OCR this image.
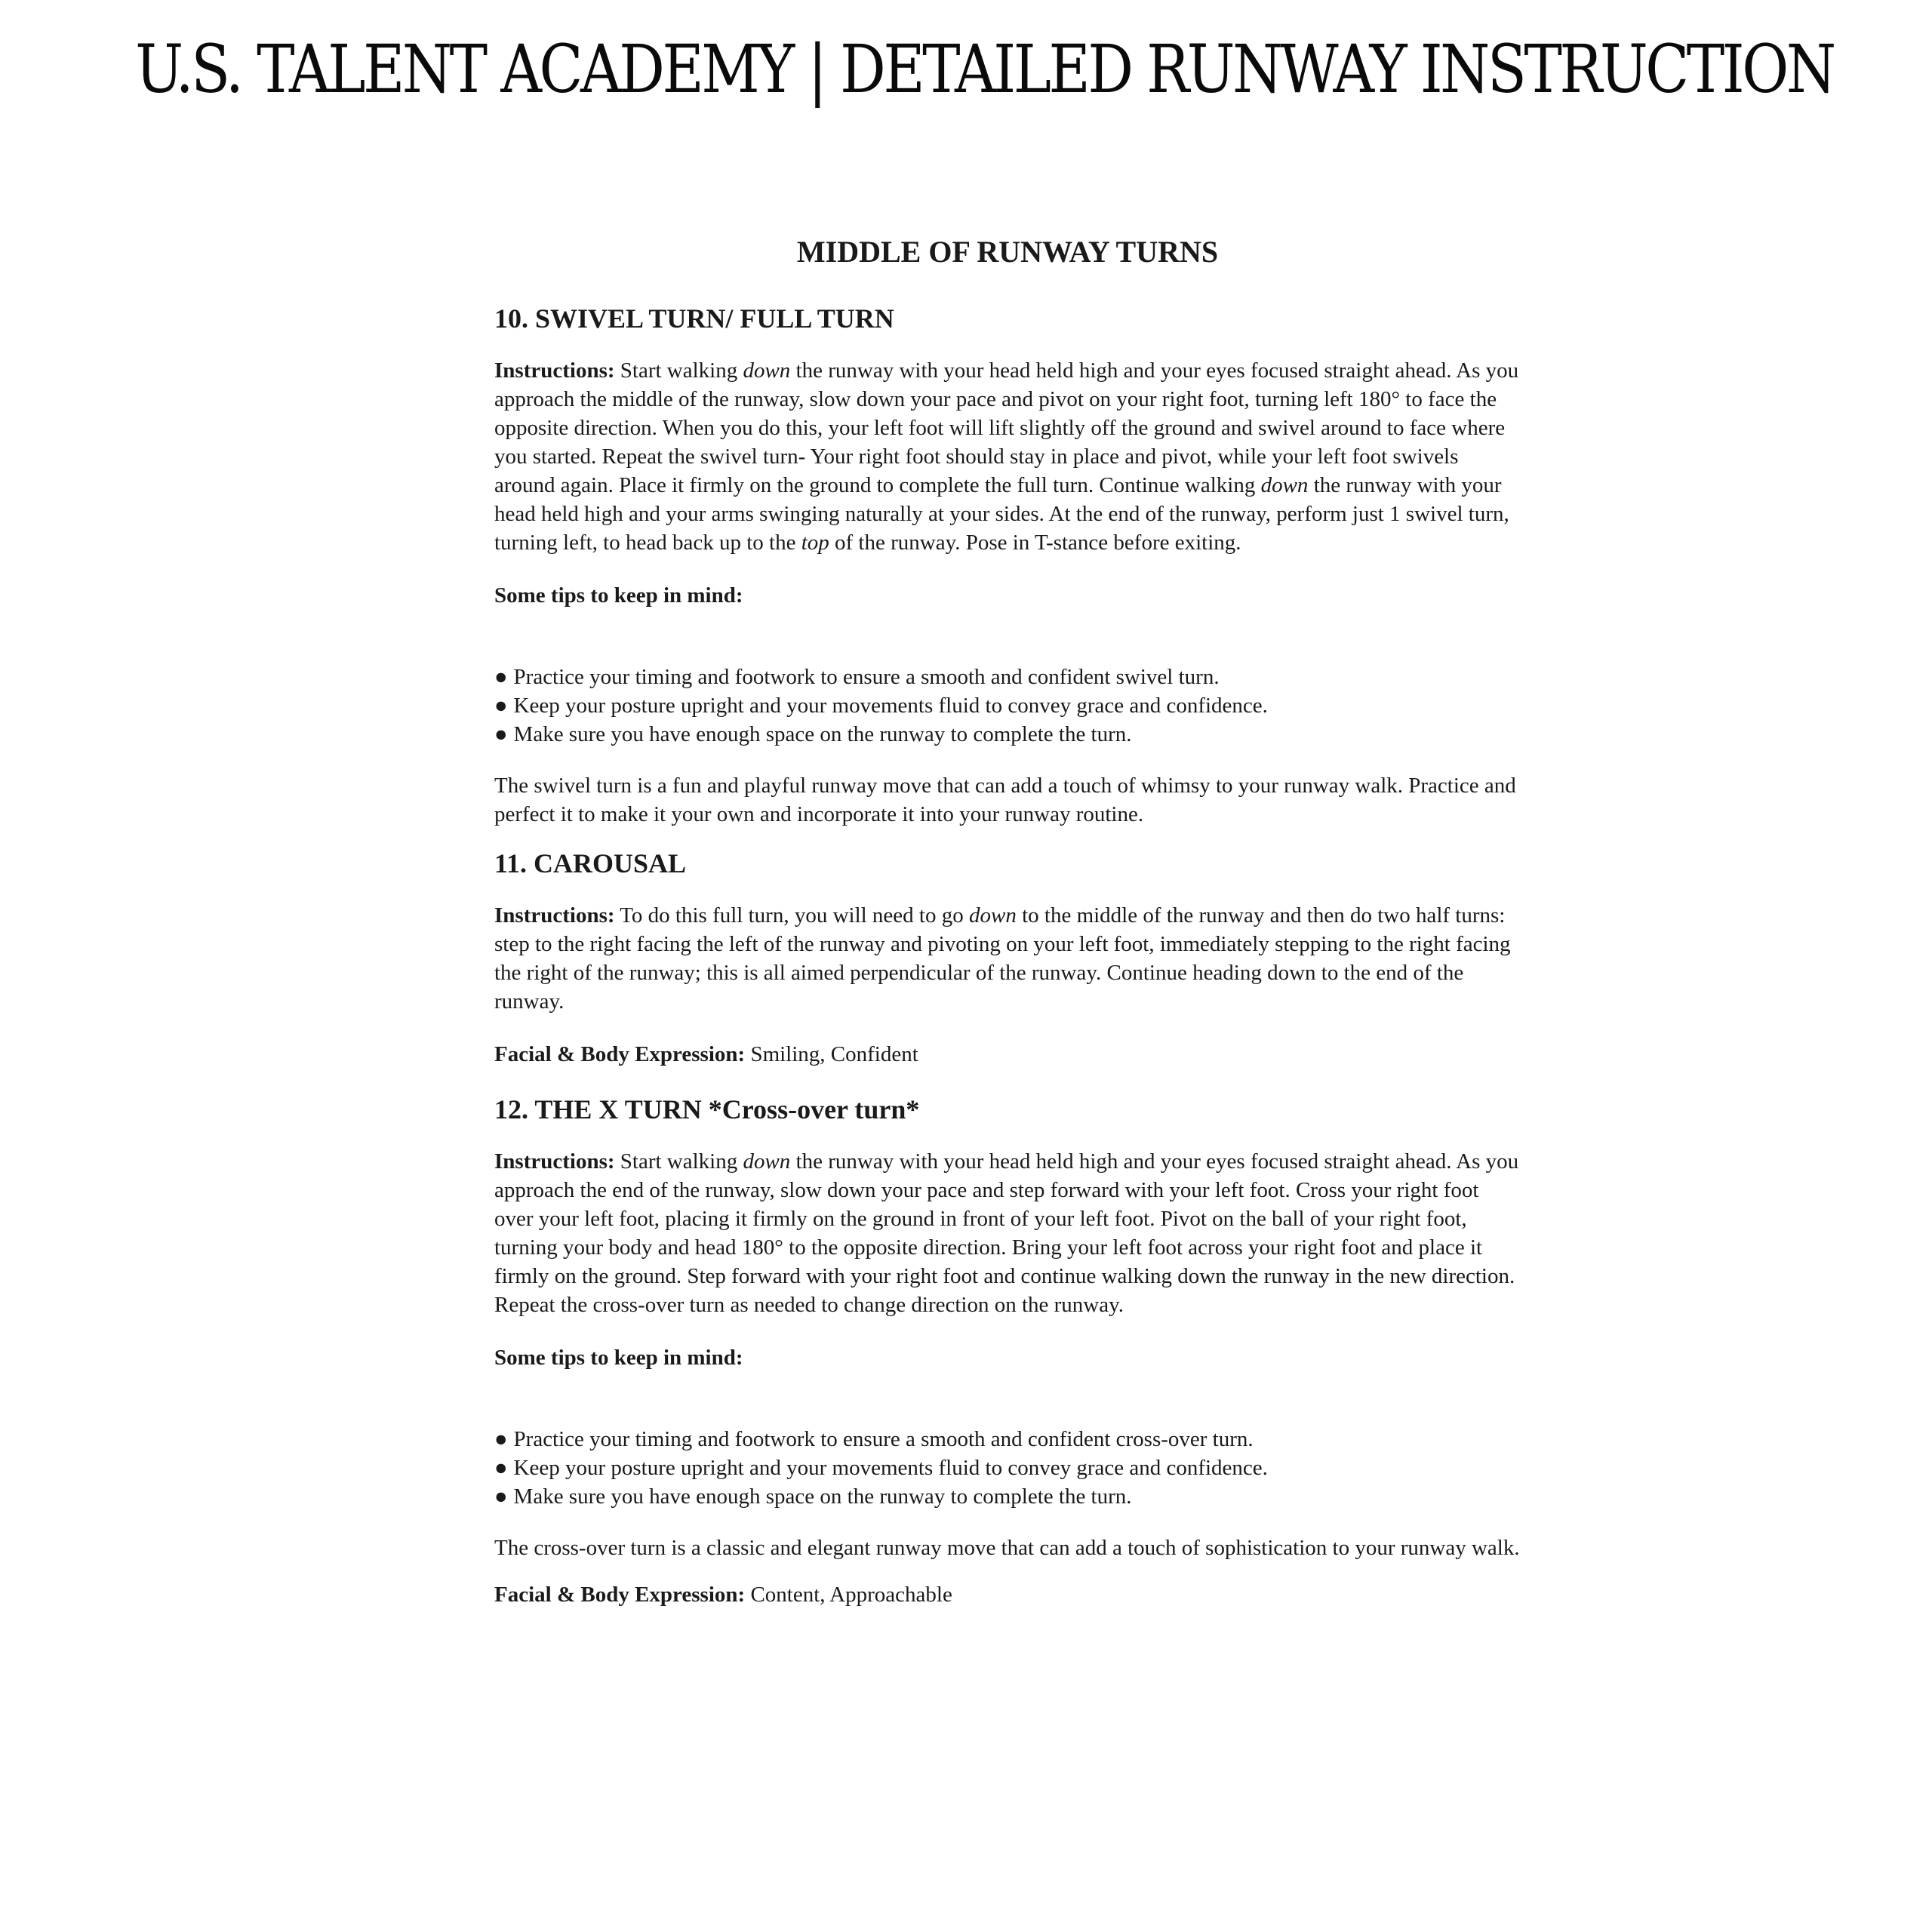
U.S. TALENT ACADEMY | DETAILED RUNWAY INSTRUCTION
MIDDLE OF RUNWAY TURNS
10. SWIVEL TURN/ FULL TURN

Instructions: Start walking down the runway with your head held high and your eyes focused straight ahead. As you approach the middle of the runway, slow down your pace and pivot on your right foot, turning left 180° to face the opposite direction. When you do this, your left foot will lift slightly off the ground and swivel around to face where you started. Repeat the swivel turn- Your right foot should stay in place and pivot, while your left foot swivels around again. Place it firmly on the ground to complete the full turn. Continue walking down the runway with your head held high and your arms swinging naturally at your sides. At the end of the runway, perform just 1 swivel turn, turning left, to head back up to the top of the runway. Pose in T-stance before exiting.

Some tips to keep in mind:
● Practice your timing and footwork to ensure a smooth and confident swivel turn.
● Keep your posture upright and your movements fluid to convey grace and confidence.
● Make sure you have enough space on the runway to complete the turn.

The swivel turn is a fun and playful runway move that can add a touch of whimsy to your runway walk. Practice and perfect it to make it your own and incorporate it into your runway routine.

11. CAROUSAL

Instructions: To do this full turn, you will need to go down to the middle of the runway and then do two half turns: step to the right facing the left of the runway and pivoting on your left foot, immediately stepping to the right facing the right of the runway; this is all aimed perpendicular of the runway. Continue heading down to the end of the runway.

Facial & Body Expression: Smiling, Confident

12. THE X TURN *Cross-over turn*

Instructions: Start walking down the runway with your head held high and your eyes focused straight ahead. As you approach the end of the runway, slow down your pace and step forward with your left foot. Cross your right foot over your left foot, placing it firmly on the ground in front of your left foot. Pivot on the ball of your right foot, turning your body and head 180° to the opposite direction. Bring your left foot across your right foot and place it firmly on the ground. Step forward with your right foot and continue walking down the runway in the new direction. Repeat the cross-over turn as needed to change direction on the runway.

Some tips to keep in mind:
● Practice your timing and footwork to ensure a smooth and confident cross-over turn.
● Keep your posture upright and your movements fluid to convey grace and confidence.
● Make sure you have enough space on the runway to complete the turn.

The cross-over turn is a classic and elegant runway move that can add a touch of sophistication to your runway walk.

Facial & Body Expression: Content, Approachable
